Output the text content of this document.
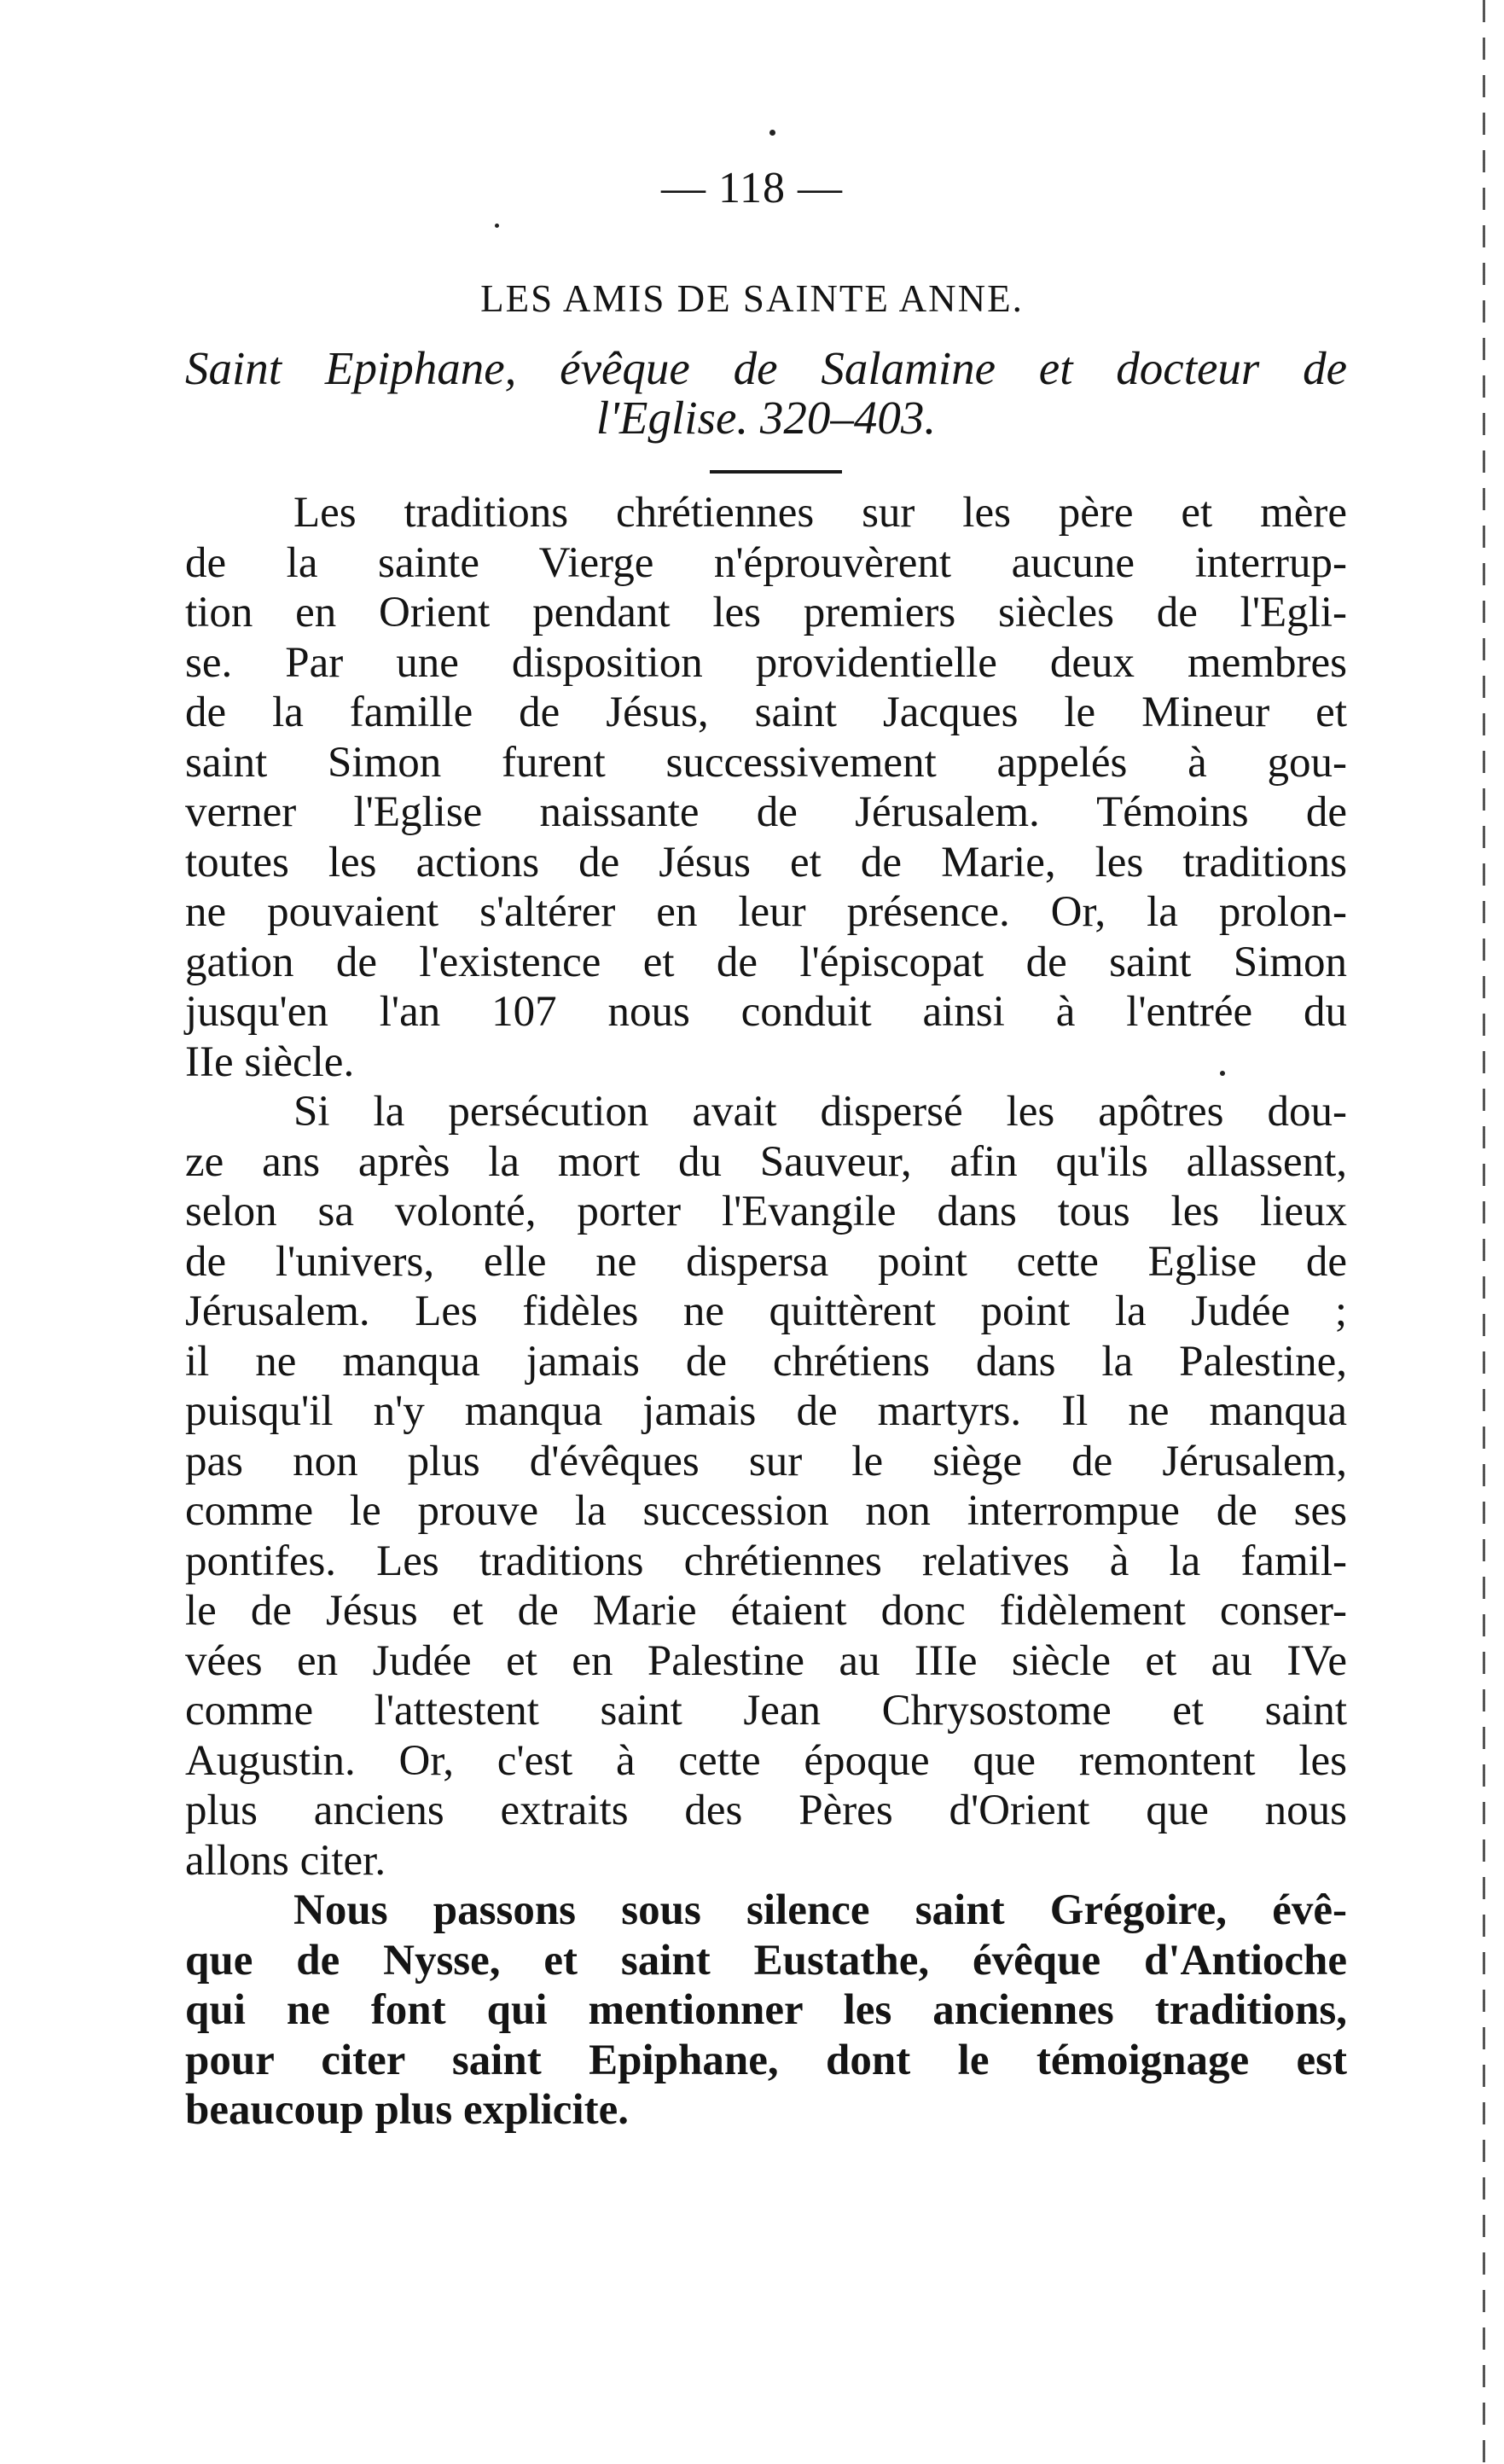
— 118 —
LES AMIS DE SAINTE ANNE.
Saint Epiphane, évêque de Salamine et docteur de
l'Eglise. 320–403.
Les traditions chrétiennes sur les père et mère
de la sainte Vierge n'éprouvèrent aucune interrup-
tion en Orient pendant les premiers siècles de l'Egli-
se. Par une disposition providentielle deux membres
de la famille de Jésus, saint Jacques le Mineur et
saint Simon furent successivement appelés à gou-
verner l'Eglise naissante de Jérusalem. Témoins de
toutes les actions de Jésus et de Marie, les traditions
ne pouvaient s'altérer en leur présence. Or, la prolon-
gation de l'existence et de l'épiscopat de saint Simon
jusqu'en l'an 107 nous conduit ainsi à l'entrée du
IIe siècle.
Si la persécution avait dispersé les apôtres dou-
ze ans après la mort du Sauveur, afin qu'ils allassent,
selon sa volonté, porter l'Evangile dans tous les lieux
de l'univers, elle ne dispersa point cette Eglise de
Jérusalem. Les fidèles ne quittèrent point la Judée ;
il ne manqua jamais de chrétiens dans la Palestine,
puisqu'il n'y manqua jamais de martyrs. Il ne manqua
pas non plus d'évêques sur le siège de Jérusalem,
comme le prouve la succession non interrompue de ses
pontifes. Les traditions chrétiennes relatives à la famil-
le de Jésus et de Marie étaient donc fidèlement conser-
vées en Judée et en Palestine au IIIe siècle et au IVe
comme l'attestent saint Jean Chrysostome et saint
Augustin. Or, c'est à cette époque que remontent les
plus anciens extraits des Pères d'Orient que nous
allons citer.
Nous passons sous silence saint Grégoire, évê-
que de Nysse, et saint Eustathe, évêque d'Antioche
qui ne font qui mentionner les anciennes traditions,
pour citer saint Epiphane, dont le témoignage est
beaucoup plus explicite.
